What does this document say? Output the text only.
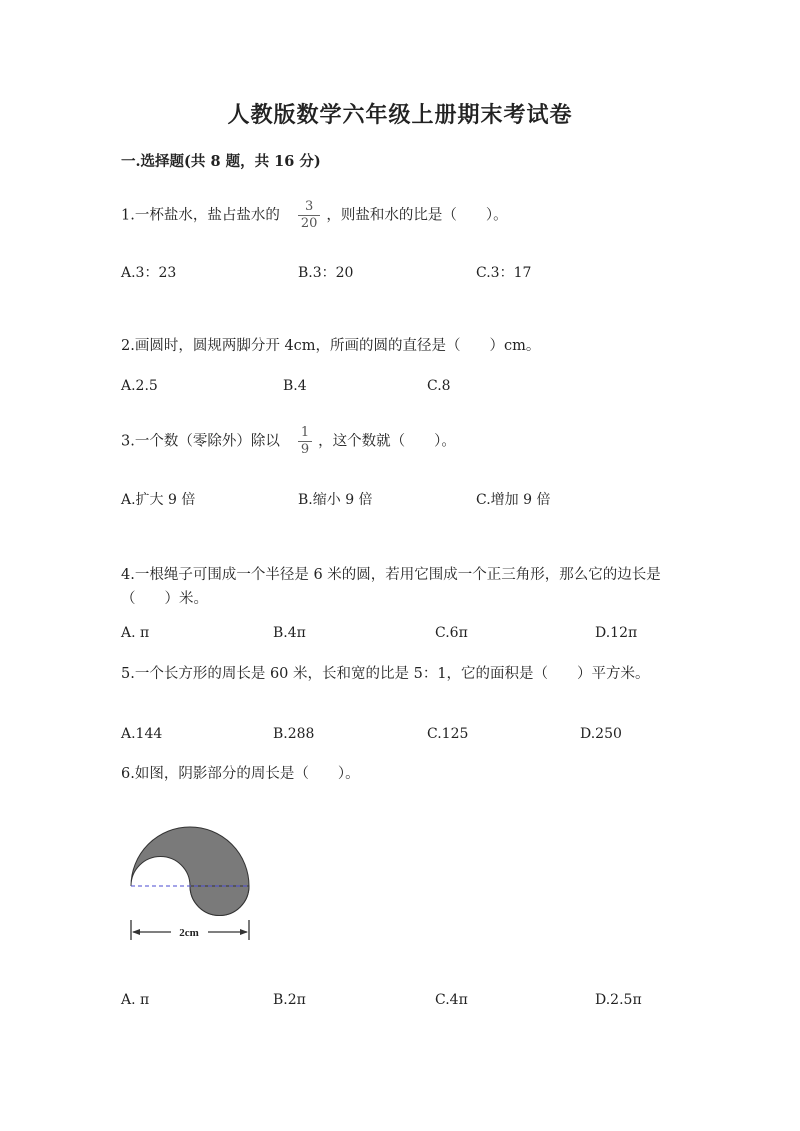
人教版数学六年级上册期末考试卷
一.选择题(共 8 题，共 16 分)
1.一杯盐水，盐占盐水的 $\frac{3}{20}$ ，则盐和水的比是（　　）。
A.3：23	B.3：20	C.3：17
2.画圆时，圆规两脚分开 4cm，所画的圆的直径是（　　）cm。
A.2.5	B.4	C.8
3.一个数（零除外）除以 $\frac{1}{9}$ ，这个数就（　　）。
A.扩大 9 倍	B.缩小 9 倍	C.增加 9 倍
4.一根绳子可围成一个半径是 6 米的圆，若用它围成一个正三角形，那么它的边长是（　　）米。
A. π	B.4π	C.6π	D.12π
5.一个长方形的周长是 60 米，长和宽的比是 5：1，它的面积是（　　）平方米。
A.144	B.288	C.125	D.250
6.如图，阴影部分的周长是（　　）。
2cm
A. π	B.2π	C.4π	D.2.5π
